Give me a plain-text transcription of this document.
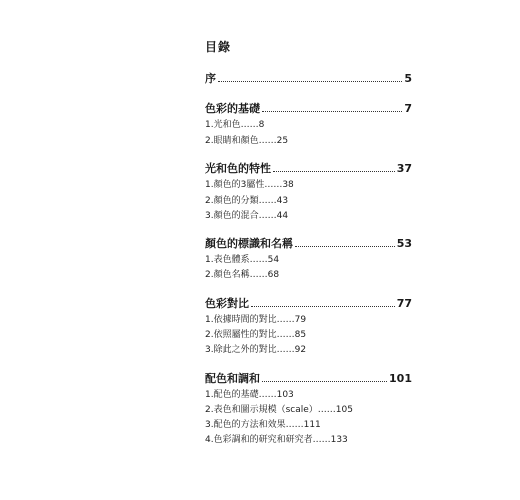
目錄
序	5
色彩的基礎	7
1.光和色……8
2.眼睛和顏色……25
光和色的特性	37
1.顏色的3屬性……38
2.顏色的分類……43
3.顏色的混合……44
顏色的標識和名稱	53
1.表色體系……54
2.顏色名稱……68
色彩對比	77
1.依據時間的對比……79
2.依照屬性的對比……85
3.除此之外的對比……92
配色和調和	101
1.配色的基礎……103
2.表色和圖示規模（scale）……105
3.配色的方法和效果……111
4.色彩調和的研究和研究者……133
